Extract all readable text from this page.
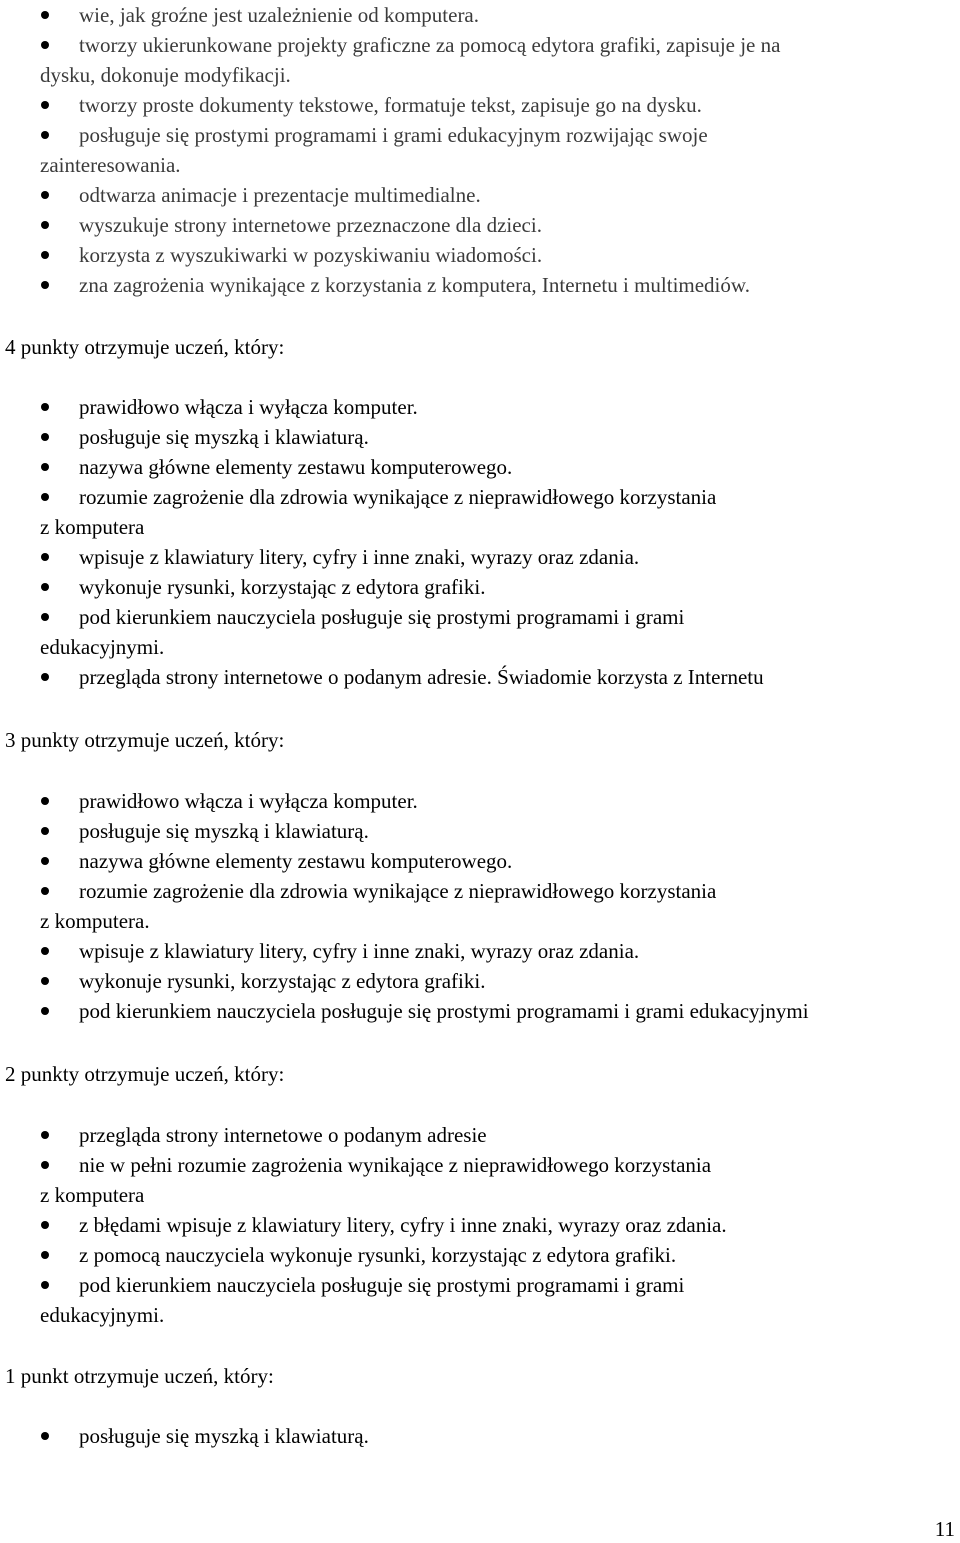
wie, jak groźne jest uzależnienie od komputera.
tworzy ukierunkowane projekty graficzne za pomocą edytora grafiki, zapisuje je na
dysku, dokonuje modyfikacji.
tworzy proste dokumenty tekstowe, formatuje tekst, zapisuje go na dysku.
posługuje się prostymi programami i grami edukacyjnym rozwijając swoje
zainteresowania.
odtwarza animacje i prezentacje multimedialne.
wyszukuje strony internetowe przeznaczone dla dzieci.
korzysta z wyszukiwarki w pozyskiwaniu wiadomości.
zna zagrożenia wynikające z korzystania z komputera, Internetu i multimediów.
4 punkty otrzymuje uczeń, który:
prawidłowo włącza i wyłącza komputer.
posługuje się myszką i klawiaturą.
nazywa główne elementy zestawu komputerowego.
rozumie zagrożenie dla zdrowia wynikające z nieprawidłowego korzystania
z komputera
wpisuje z klawiatury litery, cyfry i inne znaki, wyrazy oraz zdania.
wykonuje rysunki, korzystając z edytora grafiki.
pod kierunkiem nauczyciela posługuje się prostymi programami i grami
edukacyjnymi.
przegląda strony internetowe o podanym adresie. Świadomie korzysta z Internetu
3 punkty otrzymuje uczeń, który:
prawidłowo włącza i wyłącza komputer.
posługuje się myszką i klawiaturą.
nazywa główne elementy zestawu komputerowego.
rozumie zagrożenie dla zdrowia wynikające z nieprawidłowego korzystania
z komputera.
wpisuje z klawiatury litery, cyfry i inne znaki, wyrazy oraz zdania.
wykonuje rysunki, korzystając z edytora grafiki.
pod kierunkiem nauczyciela posługuje się prostymi programami i grami edukacyjnymi
2 punkty otrzymuje uczeń, który:
przegląda strony internetowe o podanym adresie
nie w pełni rozumie zagrożenia wynikające z nieprawidłowego korzystania
z komputera
z błędami wpisuje z klawiatury litery, cyfry i inne znaki, wyrazy oraz zdania.
z pomocą nauczyciela wykonuje rysunki, korzystając z edytora grafiki.
pod kierunkiem nauczyciela posługuje się prostymi programami i grami
edukacyjnymi.
1 punkt otrzymuje uczeń, który:
posługuje się myszką i klawiaturą.
11
